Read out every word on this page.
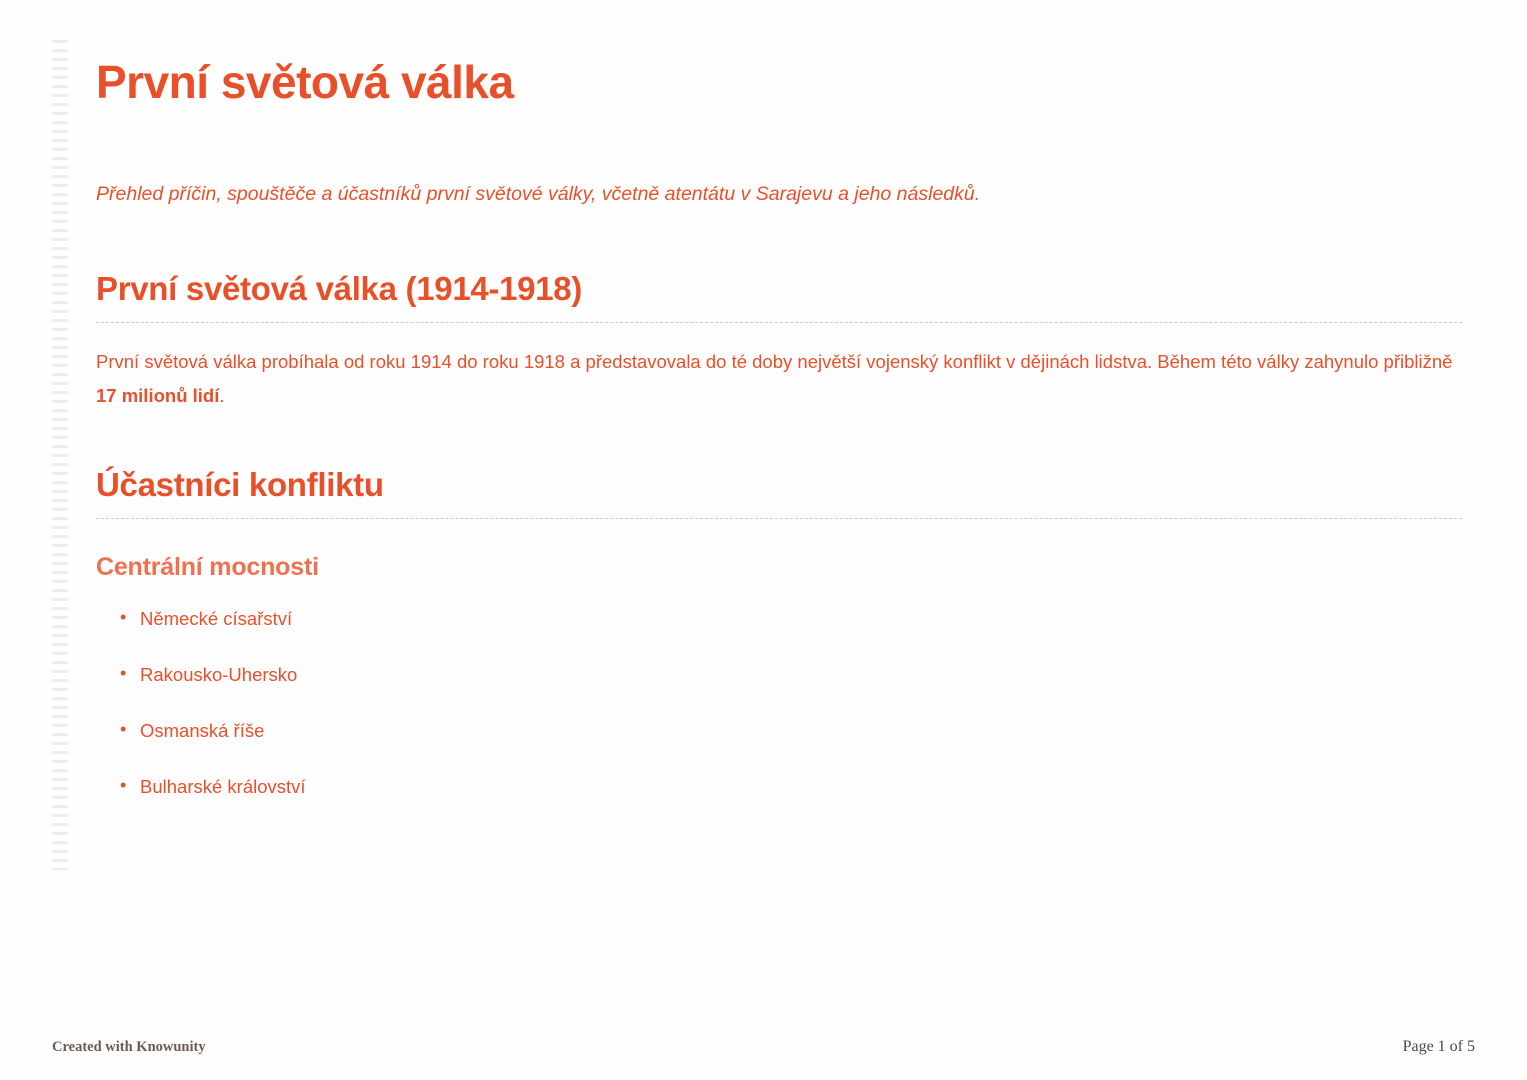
První světová válka

Přehled příčin, spouštěče a účastníků první světové války, včetně atentátu v Sarajevu a jeho následků.

První světová válka (1914-1918)

První světová válka probíhala od roku 1914 do roku 1918 a představovala do té doby největší vojenský konflikt v dějinách lidstva. Během této války zahynulo přibližně 17 milionů lidí.

Účastníci konfliktu
Centrální mocnosti
• Německé císařství
• Rakousko-Uhersko
• Osmanská říše
• Bulharské království
Created with Knowunity	Page 1 of 5
